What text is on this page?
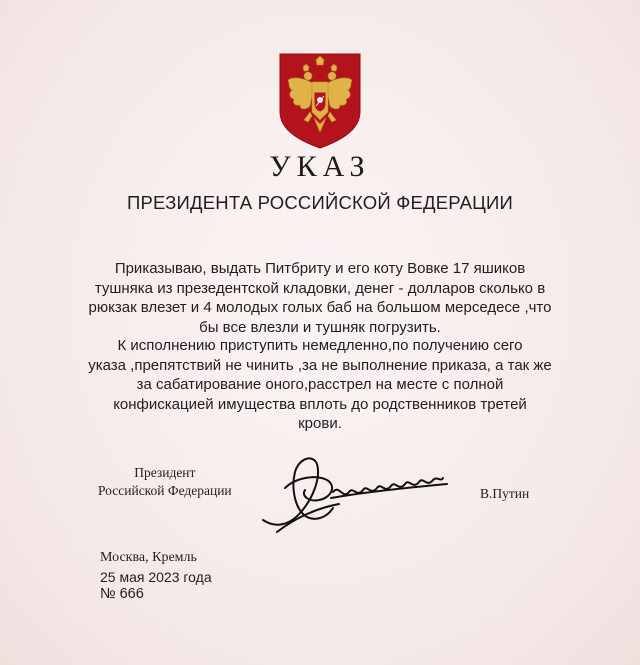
УКАЗ
ПРЕЗИДЕНТА РОССИЙСКОЙ ФЕДЕРАЦИИ
Приказываю, выдать Питбриту и его коту Вовке 17 яшиков
тушняка из презедентской кладовки, денег - долларов сколько в
рюкзак влезет и 4 молодых голых баб на большом мерседесе ,что
бы все влезли и тушняк погрузить.
К исполнению приступить немедленно,по получению сего
указа ,препятствий не чинить ,за не выполнение приказа, а так же
за сабатирование оного,расстрел на месте с полной
конфискацией имущества вплоть до родственников третей
крови.
Президент
Российской Федерации	В.Путин
Москва, Кремль
25 мая 2023 года
№ 666
